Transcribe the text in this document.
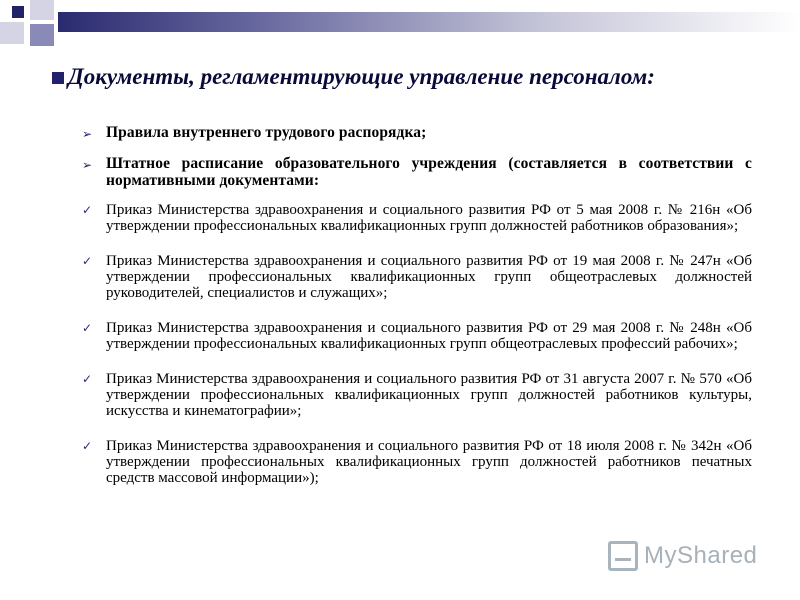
Документы, регламентирующие управление персоналом:
➢ Правила внутреннего трудового распорядка;
➢ Штатное расписание образовательного учреждения (составляется в соответствии с нормативными документами:
✓ Приказ Министерства здравоохранения и социального развития РФ от 5 мая 2008 г. № 216н «Об утверждении профессиональных квалификационных групп должностей работников образования»;
✓ Приказ Министерства здравоохранения и социального развития РФ от 19 мая 2008 г. № 247н «Об утверждении профессиональных квалификационных групп общеотраслевых должностей руководителей, специалистов и служащих»;
✓ Приказ Министерства здравоохранения и социального развития РФ от 29 мая 2008 г. № 248н «Об утверждении профессиональных квалификационных групп общеотраслевых профессий рабочих»;
✓ Приказ Министерства здравоохранения и социального развития РФ от 31 августа 2007 г. № 570 «Об утверждении профессиональных квалификационных групп должностей работников культуры, искусства и кинематографии»;
✓ Приказ Министерства здравоохранения и социального развития РФ от 18 июля 2008 г. № 342н «Об утверждении профессиональных квалификационных групп должностей работников печатных средств массовой информации»);
MyShared
